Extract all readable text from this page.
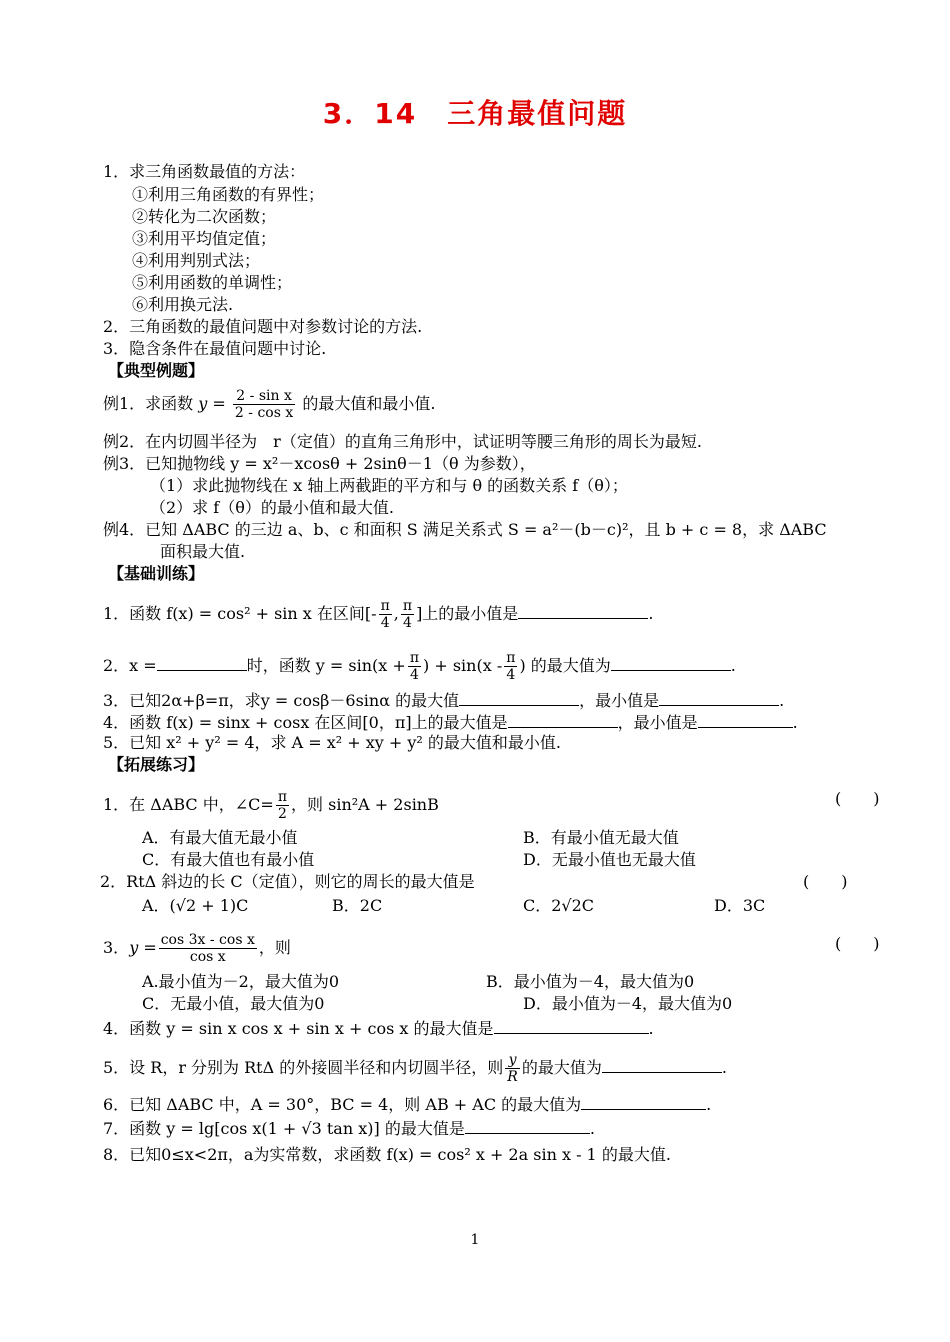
3．14　三角最值问题
1．求三角函数最值的方法：
①利用三角函数的有界性；
②转化为二次函数；
③利用平均值定值；
④利用判别式法；
⑤利用函数的单调性；
⑥利用换元法.
2．三角函数的最值问题中对参数讨论的方法.
3．隐含条件在最值问题中讨论.
【典型例题】
例1．求函数 $y = \frac{\text{2 - sin x}}{\text{2 - cos x}}$ 的最大值和最小值.
例2．在内切圆半径为　r（定值）的直角三角形中，试证明等腰三角形的周长为最短.
例3．已知抛物线 y = x²－xcosθ + 2sinθ－1（θ 为参数），
（1）求此抛物线在 x 轴上两截距的平方和与 θ 的函数关系 f（θ）；
（2）求 f（θ）的最小值和最大值.
例4．已知 ΔABC 的三边 a、b、c 和面积 S 满足关系式 S = a²－(b－c)²，且 b + c = 8，求 ΔABC
面积最大值.
【基础训练】
1．函数 f(x) = cos² + sin x 在区间[- $\frac{\pi}{4}$ , $\frac{\pi}{4}$ ]上的最小值是	.
2．x =	时，函数 $y = \sin(x + \frac{\pi}{4}$ ) + $\sin(x - \frac{\pi}{4}$ ) 的最大值为	.
3．已知2α+β=π，求y = cosβ－6sinα 的最大值	，最小值是	.
4．函数 f(x) = sinx + cosx 在区间[0，π]上的最大值是	，最小值是	.
5．已知 x² + y² = 4，求 A = x² + xy + y² 的最大值和最小值.
【拓展练习】
1．在 ΔABC 中，∠C= $\frac{\pi}{2}$ ，则 sin²A + 2sinB	(　　)
A．有最大值无最小值	B．有最小值无最大值
C．有最大值也有最小值	D．无最小值也无最大值
2．RtΔ 斜边的长 C（定值），则它的周长的最大值是	(　　)
A．(√2 + 1)C	B．2C	C．2√2C	D．3C
3．$y = \frac{\text{cos 3x - cos x}}{\text{cos x}}$ ，则	(　　)
A.最小值为－2，最大值为0	B．最小值为－4，最大值为0
C．无最小值，最大值为0	D．最小值为－4，最大值为0
4．函数 y = sin x cos x + sin x + cos x 的最大值是	.
5．设 R，r 分别为 RtΔ 的外接圆半径和内切圆半径，则 $\frac{y}{R}$ 的最大值为	.
6．已知 ΔABC 中，A = 30°，BC = 4，则 AB + AC 的最大值为	.
7．函数 y = lg[cos x(1 + √3 tan x)] 的最大值是	.
8．已知0≤x<2π，a为实常数，求函数 f(x) = cos² x + 2a sin x - 1 的最大值.
1
